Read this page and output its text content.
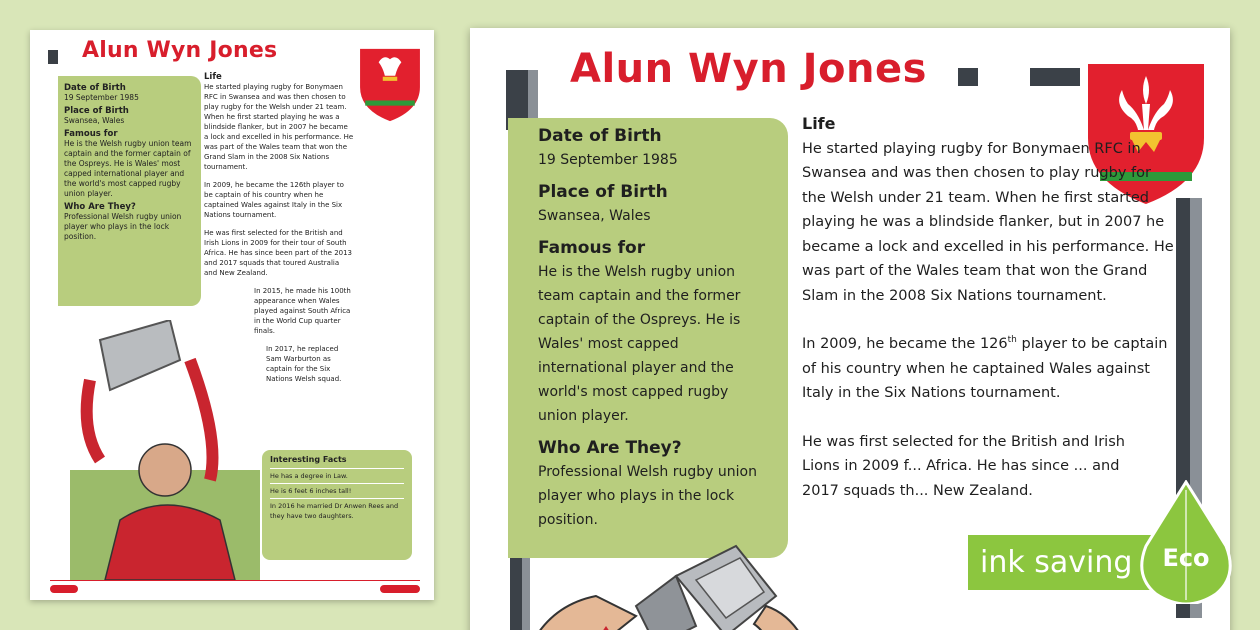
Alun Wyn Jones
Date of Birth
19 September 1985
Place of Birth
Swansea, Wales
Famous for
He is the Welsh rugby union team captain and the former captain of the Ospreys. He is Wales' most capped international player and the world's most capped rugby union player.
Who Are They?
Professional Welsh rugby union player who plays in the lock position.
Life

He started playing rugby for Bonymaen RFC in Swansea and was then chosen to play rugby for the Welsh under 21 team. When he first started playing he was a blindside flanker, but in 2007 he became a lock and excelled in his performance. He was part of the Wales team that won the Grand Slam in the 2008 Six Nations tournament.

In 2009, he became the 126th player to be captain of his country when he captained Wales against Italy in the Six Nations tournament.

He was first selected for the British and Irish Lions in 2009 for their tour of South Africa. He has since been part of the 2013 and 2017 squads that toured Australia and New Zealand.

In 2015, he made his 100th appearance when Wales played against South Africa in the World Cup quarter finals.

In 2017, he replaced Sam Warburton as captain for the Six Nations Welsh squad.

Interesting Facts
He has a degree in Law.
He is 6 feet 6 inches tall!
In 2016 he married Dr Anwen Rees and they have two daughters.
Alun Wyn Jones
Date of Birth
19 September 1985
Place of Birth
Swansea, Wales
Famous for
He is the Welsh rugby union team captain and the former captain of the Ospreys. He is Wales' most capped international player and the world's most capped rugby union player.
Who Are They?
Professional Welsh rugby union player who plays in the lock position.
Life

He started playing rugby for Bonymaen RFC in Swansea and was then chosen to play rugby for the Welsh under 21 team. When he first started playing he was a blindside flanker, but in 2007 he became a lock and excelled in his performance. He was part of the Wales team that won the Grand Slam in the 2008 Six Nations tournament.

In 2009, he became the 126th player to be captain of his country when he captained Wales against Italy in the Six Nations tournament.

He was first selected for the British and Irish Lions in 2009 f... Africa. He has since ... and 2017 squads th... New Zealand.

ink saving	Eco
